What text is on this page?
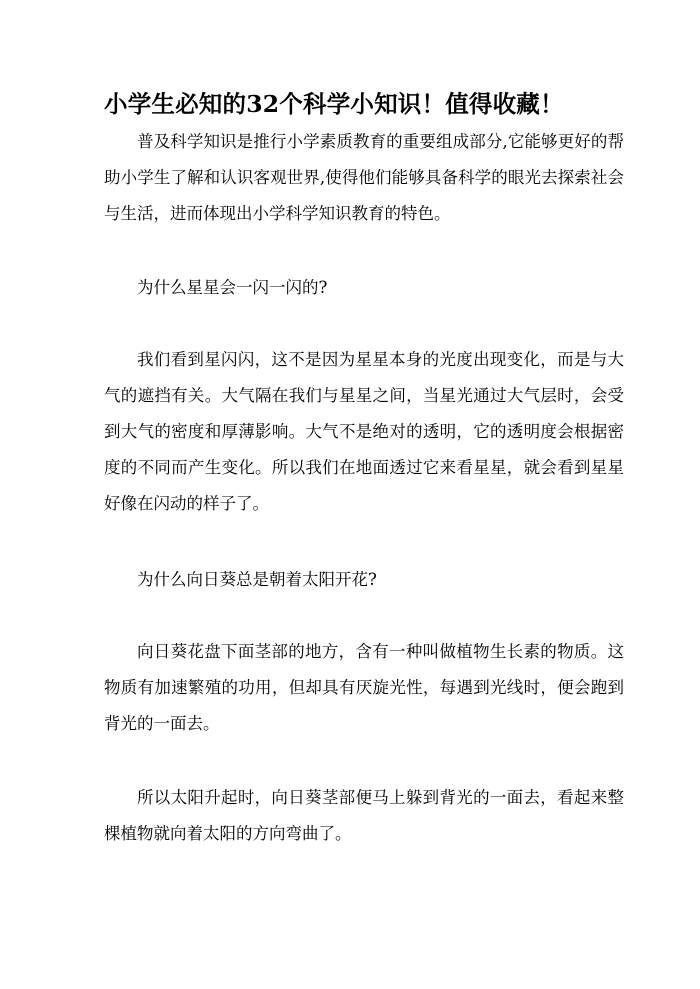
小学生必知的32个科学小知识！值得收藏！

普及科学知识是推行小学素质教育的重要组成部分,它能够更好的帮助小学生了解和认识客观世界,使得他们能够具备科学的眼光去探索社会与生活，进而体现出小学科学知识教育的特色。

为什么星星会一闪一闪的?

我们看到星闪闪，这不是因为星星本身的光度出现变化，而是与大气的遮挡有关。大气隔在我们与星星之间，当星光通过大气层时，会受到大气的密度和厚薄影响。大气不是绝对的透明，它的透明度会根据密度的不同而产生变化。所以我们在地面透过它来看星星，就会看到星星好像在闪动的样子了。

为什么向日葵总是朝着太阳开花?

向日葵花盘下面茎部的地方，含有一种叫做植物生长素的物质。这物质有加速繁殖的功用，但却具有厌旋光性，每遇到光线时，便会跑到背光的一面去。

所以太阳升起时，向日葵茎部便马上躲到背光的一面去，看起来整棵植物就向着太阳的方向弯曲了。
